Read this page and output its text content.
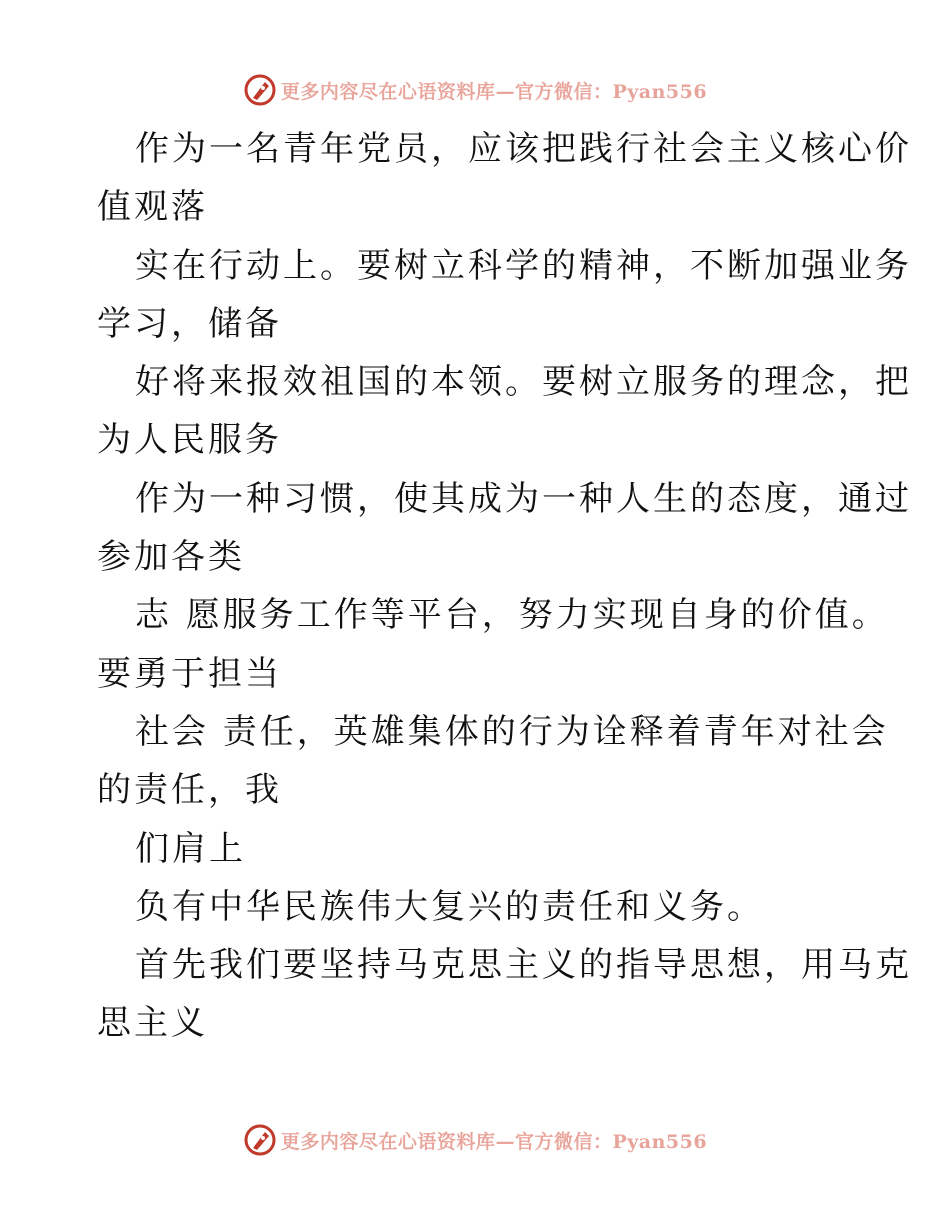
更多内容尽在心语资料库 —官方微信：Pyan556
作为一名青年党员，应该把践行社会主义核心价
值观落
实在行动上。要树立科学的精神，不断加强业务
学习，储备
好将来报效祖国的本领。要树立服务的理念，把
为人民服务
作为一种习惯，使其成为一种人生的态度，通过
参加各类
志 愿服务工作等平台，努力实现自身的价值。
要勇于担当
社会 责任，英雄集体的行为诠释着青年对社会
的责任，我
们肩上
负有中华民族伟大复兴的责任和义务。
首先我们要坚持马克思主义的指导思想，用马克
思主义
更多内容尽在心语资料库 —官方微信：Pyan556
